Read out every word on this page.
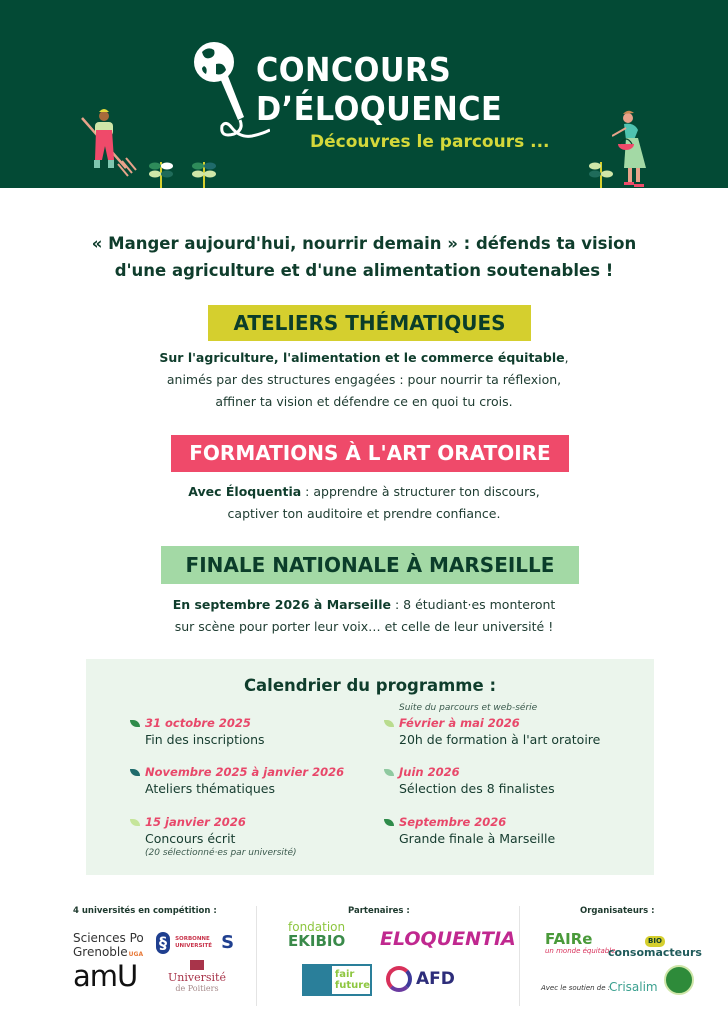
CONCOURS
D’ÉLOQUENCE
Découvres le parcours ...
« Manger aujourd'hui, nourrir demain » : défends ta vision
d'une agriculture et d'une alimentation soutenables !
ATELIERS THÉMATIQUES
Sur l'agriculture, l'alimentation et le commerce équitable,
animés par des structures engagées : pour nourrir ta réflexion,
affiner ta vision et défendre ce en quoi tu crois.
FORMATIONS À L'ART ORATOIRE
Avec Éloquentia : apprendre à structurer ton discours,
captiver ton auditoire et prendre confiance.
FINALE NATIONALE À MARSEILLE
En septembre 2026 à Marseille : 8 étudiant·es monteront
sur scène pour porter leur voix… et celle de leur université !
Calendrier du programme :
31 octobre 2025
Fin des inscriptions
Novembre 2025 à janvier 2026
Ateliers thématiques
15 janvier 2026
Concours écrit
(20 sélectionné·es par université)
Suite du parcours et web-série
Février à mai 2026
20h de formation à l'art oratoire
Juin 2026
Sélection des 8 finalistes
Septembre 2026
Grande finale à Marseille
4 universités en compétition :	Partenaires :	Organisateurs :
Sciences Po
GrenobleUGA
§ SORBONNE
UNIVERSITÉ S
amU	Université
de Poitiers
fondation
EKIBIO ELOQUENTIA
fair
future	AFD
FAIRe
un monde équitable
BIO
consomacteurs
Avec le soutien de :
Crisalim
